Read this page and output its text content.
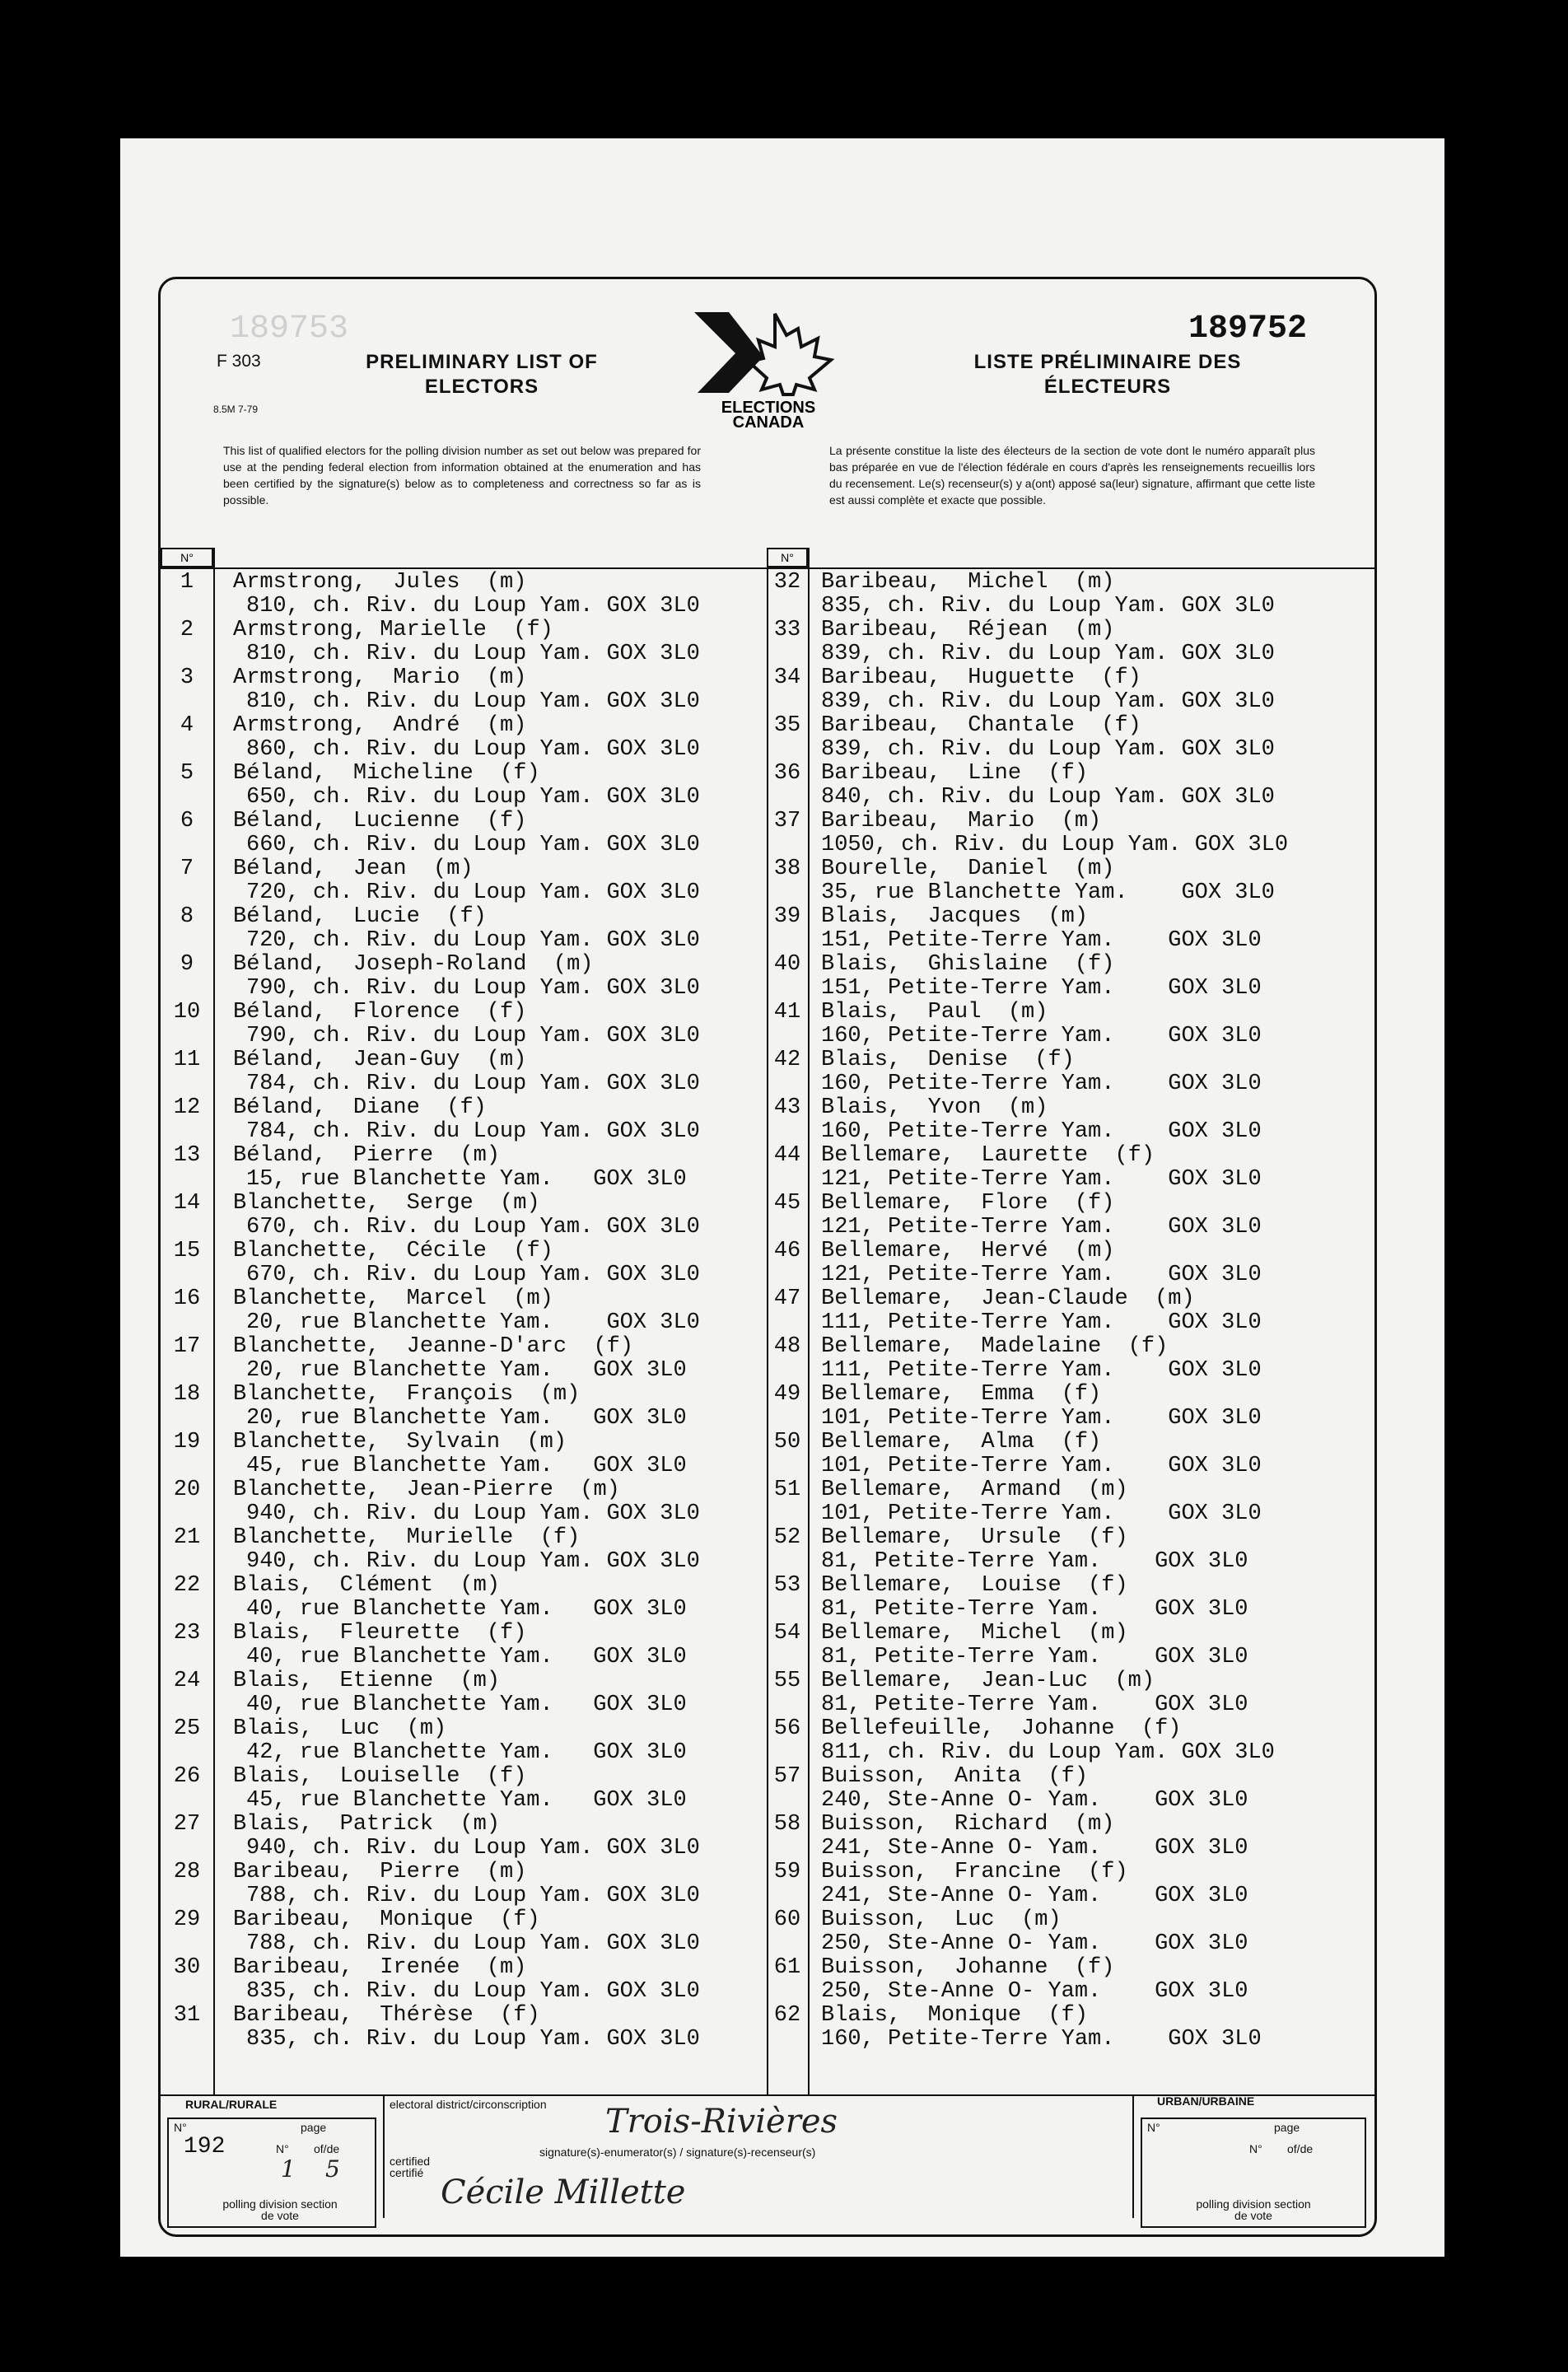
189753	189752
F 303
8.5M 7-79
PRELIMINARY LIST OF ELECTORS
LISTE PRÉLIMINAIRE DES ÉLECTEURS
ELECTIONS
CANADA
This list of qualified electors for the polling division number as set out below was prepared for use at the pending federal election from information obtained at the enumeration and has been certified by the signature(s) below as to completeness and correctness so far as is possible.
La présente constitue la liste des électeurs de la section de vote dont le numéro apparaît plus bas préparée en vue de l'élection fédérale en cours d'après les renseignements recueillis lors du recensement. Le(s) recenseur(s) y a(ont) apposé sa(leur) signature, affirmant que cette liste est aussi complète et exacte que possible.
N°	N°
1	Armstrong,  Jules  (m)
810, ch. Riv. du Loup Yam. GOX 3L0
2	Armstrong, Marielle  (f)
810, ch. Riv. du Loup Yam. GOX 3L0
3	Armstrong,  Mario  (m)
810, ch. Riv. du Loup Yam. GOX 3L0
4	Armstrong,  André  (m)
860, ch. Riv. du Loup Yam. GOX 3L0
5	Béland,  Micheline  (f)
650, ch. Riv. du Loup Yam. GOX 3L0
6	Béland,  Lucienne  (f)
660, ch. Riv. du Loup Yam. GOX 3L0
7	Béland,  Jean  (m)
720, ch. Riv. du Loup Yam. GOX 3L0
8	Béland,  Lucie  (f)
720, ch. Riv. du Loup Yam. GOX 3L0
9	Béland,  Joseph-Roland  (m)
790, ch. Riv. du Loup Yam. GOX 3L0
10	Béland,  Florence  (f)
790, ch. Riv. du Loup Yam. GOX 3L0
11	Béland,  Jean-Guy  (m)
784, ch. Riv. du Loup Yam. GOX 3L0
12	Béland,  Diane  (f)
784, ch. Riv. du Loup Yam. GOX 3L0
13	Béland,  Pierre  (m)
15, rue Blanchette Yam.   GOX 3L0
14	Blanchette,  Serge  (m)
670, ch. Riv. du Loup Yam. GOX 3L0
15	Blanchette,  Cécile  (f)
670, ch. Riv. du Loup Yam. GOX 3L0
16	Blanchette,  Marcel  (m)
20, rue Blanchette Yam.    GOX 3L0
17	Blanchette,  Jeanne-D'arc  (f)
20, rue Blanchette Yam.   GOX 3L0
18	Blanchette,  François  (m)
20, rue Blanchette Yam.   GOX 3L0
19	Blanchette,  Sylvain  (m)
45, rue Blanchette Yam.   GOX 3L0
20	Blanchette,  Jean-Pierre  (m)
940, ch. Riv. du Loup Yam. GOX 3L0
21	Blanchette,  Murielle  (f)
940, ch. Riv. du Loup Yam. GOX 3L0
22	Blais,  Clément  (m)
40, rue Blanchette Yam.   GOX 3L0
23	Blais,  Fleurette  (f)
40, rue Blanchette Yam.   GOX 3L0
24	Blais,  Etienne  (m)
40, rue Blanchette Yam.   GOX 3L0
25	Blais,  Luc  (m)
42, rue Blanchette Yam.   GOX 3L0
26	Blais,  Louiselle  (f)
45, rue Blanchette Yam.   GOX 3L0
27	Blais,  Patrick  (m)
940, ch. Riv. du Loup Yam. GOX 3L0
28	Baribeau,  Pierre  (m)
788, ch. Riv. du Loup Yam. GOX 3L0
29	Baribeau,  Monique  (f)
788, ch. Riv. du Loup Yam. GOX 3L0
30	Baribeau,  Irenée  (m)
835, ch. Riv. du Loup Yam. GOX 3L0
31	Baribeau,  Thérèse  (f)
835, ch. Riv. du Loup Yam. GOX 3L0
32 Baribeau,  Michel  (m)
835, ch. Riv. du Loup Yam. GOX 3L0
33 Baribeau,  Réjean  (m)
839, ch. Riv. du Loup Yam. GOX 3L0
34 Baribeau,  Huguette  (f)
839, ch. Riv. du Loup Yam. GOX 3L0
35 Baribeau,  Chantale  (f)
839, ch. Riv. du Loup Yam. GOX 3L0
36 Baribeau,  Line  (f)
840, ch. Riv. du Loup Yam. GOX 3L0
37 Baribeau,  Mario  (m)
1050, ch. Riv. du Loup Yam. GOX 3L0
38 Bourelle,  Daniel  (m)
35, rue Blanchette Yam.    GOX 3L0
39 Blais,  Jacques  (m)
151, Petite-Terre Yam.    GOX 3L0
40 Blais,  Ghislaine  (f)
151, Petite-Terre Yam.    GOX 3L0
41 Blais,  Paul  (m)
160, Petite-Terre Yam.    GOX 3L0
42 Blais,  Denise  (f)
160, Petite-Terre Yam.    GOX 3L0
43 Blais,  Yvon  (m)
160, Petite-Terre Yam.    GOX 3L0
44 Bellemare,  Laurette  (f)
121, Petite-Terre Yam.    GOX 3L0
45 Bellemare,  Flore  (f)
121, Petite-Terre Yam.    GOX 3L0
46 Bellemare,  Hervé  (m)
121, Petite-Terre Yam.    GOX 3L0
47 Bellemare,  Jean-Claude  (m)
111, Petite-Terre Yam.    GOX 3L0
48 Bellemare,  Madelaine  (f)
111, Petite-Terre Yam.    GOX 3L0
49 Bellemare,  Emma  (f)
101, Petite-Terre Yam.    GOX 3L0
50 Bellemare,  Alma  (f)
101, Petite-Terre Yam.    GOX 3L0
51 Bellemare,  Armand  (m)
101, Petite-Terre Yam.    GOX 3L0
52 Bellemare,  Ursule  (f)
81, Petite-Terre Yam.    GOX 3L0
53 Bellemare,  Louise  (f)
81, Petite-Terre Yam.    GOX 3L0
54 Bellemare,  Michel  (m)
81, Petite-Terre Yam.    GOX 3L0
55 Bellemare,  Jean-Luc  (m)
81, Petite-Terre Yam.    GOX 3L0
56 Bellefeuille,  Johanne  (f)
811, ch. Riv. du Loup Yam. GOX 3L0
57 Buisson,  Anita  (f)
240, Ste-Anne O- Yam.    GOX 3L0
58 Buisson,  Richard  (m)
241, Ste-Anne O- Yam.    GOX 3L0
59 Buisson,  Francine  (f)
241, Ste-Anne O- Yam.    GOX 3L0
60 Buisson,  Luc  (m)
250, Ste-Anne O- Yam.    GOX 3L0
61 Buisson,  Johanne  (f)
250, Ste-Anne O- Yam.    GOX 3L0
62 Blais,  Monique  (f)
160, Petite-Terre Yam.    GOX 3L0
RURAL/RURALE	URBAN/URBAINE
electoral district/circonscription Trois-Rivières
signature(s)-enumerator(s) / signature(s)-recenseur(s)
certified certifié
Cécile Millette
N°	page
192	N° of/de
1 5
polling division section de vote
N°	page
N° of/de
polling division section de vote
